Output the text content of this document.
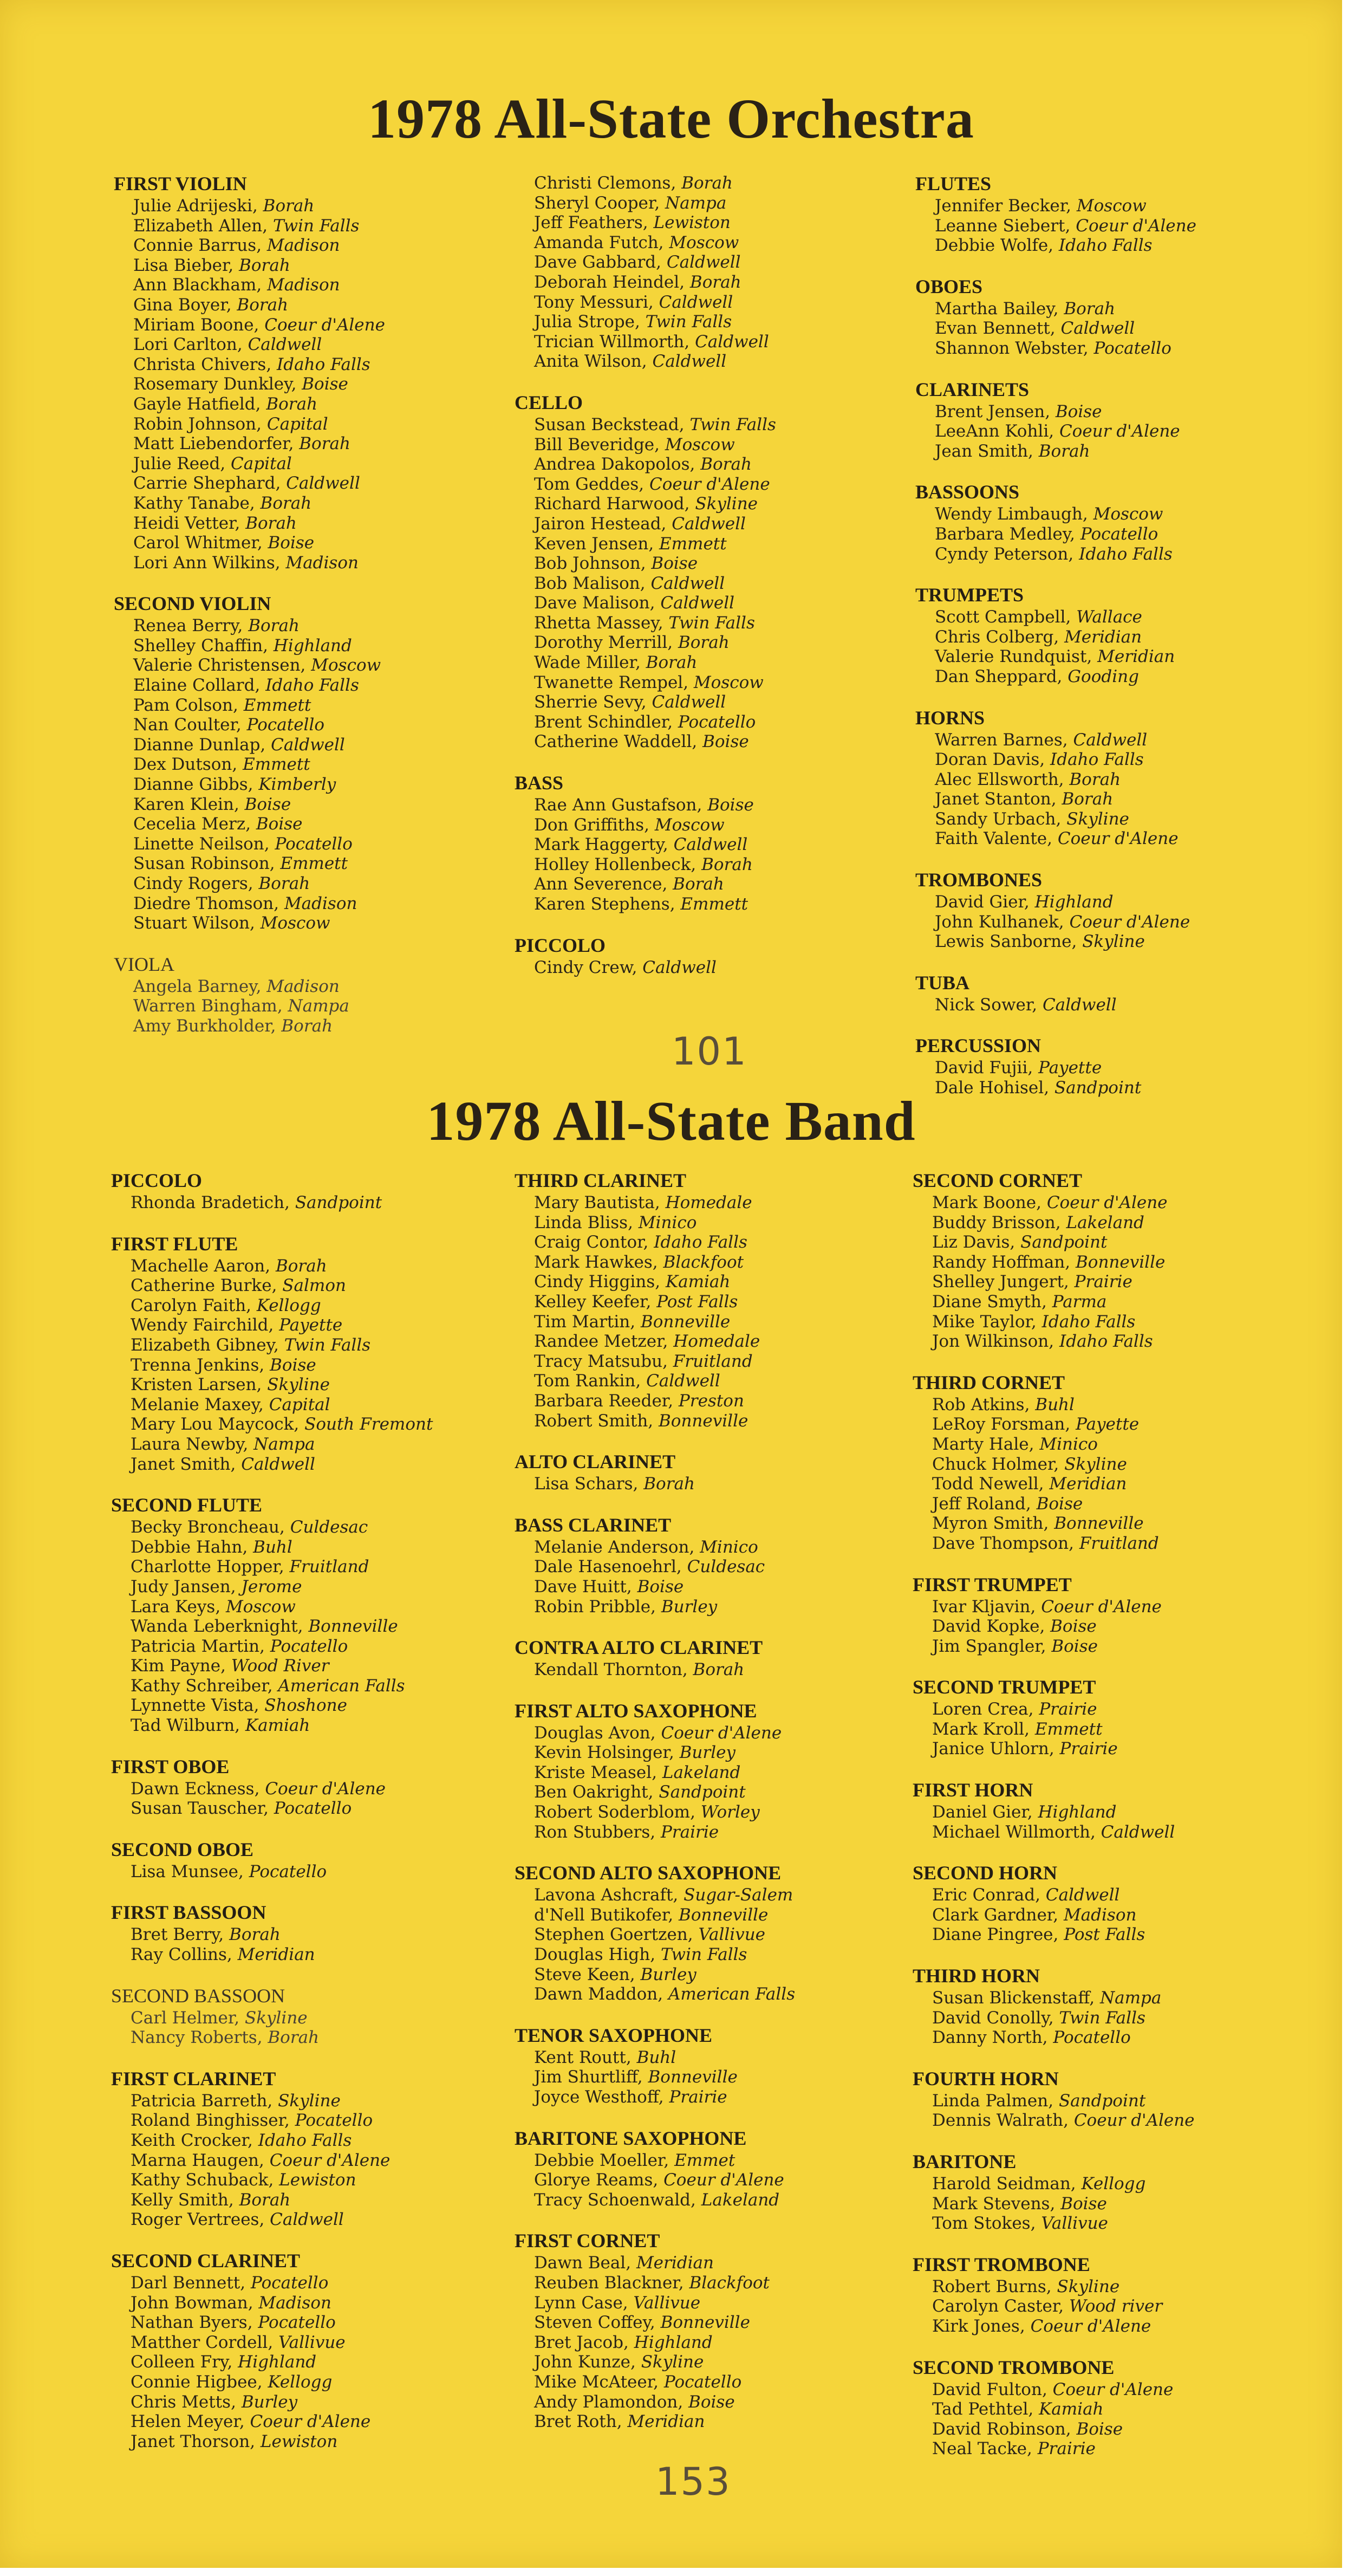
1978 All-State Orchestra
FIRST VIOLIN
Julie Adrijeski, Borah
Elizabeth Allen, Twin Falls
Connie Barrus, Madison
Lisa Bieber, Borah
Ann Blackham, Madison
Gina Boyer, Borah
Miriam Boone, Coeur d'Alene
Lori Carlton, Caldwell
Christa Chivers, Idaho Falls
Rosemary Dunkley, Boise
Gayle Hatfield, Borah
Robin Johnson, Capital
Matt Liebendorfer, Borah
Julie Reed, Capital
Carrie Shephard, Caldwell
Kathy Tanabe, Borah
Heidi Vetter, Borah
Carol Whitmer, Boise
Lori Ann Wilkins, Madison
SECOND VIOLIN
Renea Berry, Borah
Shelley Chaffin, Highland
Valerie Christensen, Moscow
Elaine Collard, Idaho Falls
Pam Colson, Emmett
Nan Coulter, Pocatello
Dianne Dunlap, Caldwell
Dex Dutson, Emmett
Dianne Gibbs, Kimberly
Karen Klein, Boise
Cecelia Merz, Boise
Linette Neilson, Pocatello
Susan Robinson, Emmett
Cindy Rogers, Borah
Diedre Thomson, Madison
Stuart Wilson, Moscow
VIOLA
Angela Barney, Madison
Warren Bingham, Nampa
Amy Burkholder, Borah
Christi Clemons, Borah
Sheryl Cooper, Nampa
Jeff Feathers, Lewiston
Amanda Futch, Moscow
Dave Gabbard, Caldwell
Deborah Heindel, Borah
Tony Messuri, Caldwell
Julia Strope, Twin Falls
Trician Willmorth, Caldwell
Anita Wilson, Caldwell
CELLO
Susan Beckstead, Twin Falls
Bill Beveridge, Moscow
Andrea Dakopolos, Borah
Tom Geddes, Coeur d'Alene
Richard Harwood, Skyline
Jairon Hestead, Caldwell
Keven Jensen, Emmett
Bob Johnson, Boise
Bob Malison, Caldwell
Dave Malison, Caldwell
Rhetta Massey, Twin Falls
Dorothy Merrill, Borah
Wade Miller, Borah
Twanette Rempel, Moscow
Sherrie Sevy, Caldwell
Brent Schindler, Pocatello
Catherine Waddell, Boise
BASS
Rae Ann Gustafson, Boise
Don Griffiths, Moscow
Mark Haggerty, Caldwell
Holley Hollenbeck, Borah
Ann Severence, Borah
Karen Stephens, Emmett
PICCOLO
Cindy Crew, Caldwell
FLUTES
Jennifer Becker, Moscow
Leanne Siebert, Coeur d'Alene
Debbie Wolfe, Idaho Falls
OBOES
Martha Bailey, Borah
Evan Bennett, Caldwell
Shannon Webster, Pocatello
CLARINETS
Brent Jensen, Boise
LeeAnn Kohli, Coeur d'Alene
Jean Smith, Borah
BASSOONS
Wendy Limbaugh, Moscow
Barbara Medley, Pocatello
Cyndy Peterson, Idaho Falls
TRUMPETS
Scott Campbell, Wallace
Chris Colberg, Meridian
Valerie Rundquist, Meridian
Dan Sheppard, Gooding
HORNS
Warren Barnes, Caldwell
Doran Davis, Idaho Falls
Alec Ellsworth, Borah
Janet Stanton, Borah
Sandy Urbach, Skyline
Faith Valente, Coeur d'Alene
TROMBONES
David Gier, Highland
John Kulhanek, Coeur d'Alene
Lewis Sanborne, Skyline
TUBA
Nick Sower, Caldwell
PERCUSSION
David Fujii, Payette
Dale Hohisel, Sandpoint
101
1978 All-State Band
PICCOLO
Rhonda Bradetich, Sandpoint
FIRST FLUTE
Machelle Aaron, Borah
Catherine Burke, Salmon
Carolyn Faith, Kellogg
Wendy Fairchild, Payette
Elizabeth Gibney, Twin Falls
Trenna Jenkins, Boise
Kristen Larsen, Skyline
Melanie Maxey, Capital
Mary Lou Maycock, South Fremont
Laura Newby, Nampa
Janet Smith, Caldwell
SECOND FLUTE
Becky Broncheau, Culdesac
Debbie Hahn, Buhl
Charlotte Hopper, Fruitland
Judy Jansen, Jerome
Lara Keys, Moscow
Wanda Leberknight, Bonneville
Patricia Martin, Pocatello
Kim Payne, Wood River
Kathy Schreiber, American Falls
Lynnette Vista, Shoshone
Tad Wilburn, Kamiah
FIRST OBOE
Dawn Eckness, Coeur d'Alene
Susan Tauscher, Pocatello
SECOND OBOE
Lisa Munsee, Pocatello
FIRST BASSOON
Bret Berry, Borah
Ray Collins, Meridian
SECOND BASSOON
Carl Helmer, Skyline
Nancy Roberts, Borah
FIRST CLARINET
Patricia Barreth, Skyline
Roland Binghisser, Pocatello
Keith Crocker, Idaho Falls
Marna Haugen, Coeur d'Alene
Kathy Schuback, Lewiston
Kelly Smith, Borah
Roger Vertrees, Caldwell
SECOND CLARINET
Darl Bennett, Pocatello
John Bowman, Madison
Nathan Byers, Pocatello
Matther Cordell, Vallivue
Colleen Fry, Highland
Connie Higbee, Kellogg
Chris Metts, Burley
Helen Meyer, Coeur d'Alene
Janet Thorson, Lewiston
THIRD CLARINET
Mary Bautista, Homedale
Linda Bliss, Minico
Craig Contor, Idaho Falls
Mark Hawkes, Blackfoot
Cindy Higgins, Kamiah
Kelley Keefer, Post Falls
Tim Martin, Bonneville
Randee Metzer, Homedale
Tracy Matsubu, Fruitland
Tom Rankin, Caldwell
Barbara Reeder, Preston
Robert Smith, Bonneville
ALTO CLARINET
Lisa Schars, Borah
BASS CLARINET
Melanie Anderson, Minico
Dale Hasenoehrl, Culdesac
Dave Huitt, Boise
Robin Pribble, Burley
CONTRA ALTO CLARINET
Kendall Thornton, Borah
FIRST ALTO SAXOPHONE
Douglas Avon, Coeur d'Alene
Kevin Holsinger, Burley
Kriste Measel, Lakeland
Ben Oakright, Sandpoint
Robert Soderblom, Worley
Ron Stubbers, Prairie
SECOND ALTO SAXOPHONE
Lavona Ashcraft, Sugar-Salem
d'Nell Butikofer, Bonneville
Stephen Goertzen, Vallivue
Douglas High, Twin Falls
Steve Keen, Burley
Dawn Maddon, American Falls
TENOR SAXOPHONE
Kent Routt, Buhl
Jim Shurtliff, Bonneville
Joyce Westhoff, Prairie
BARITONE SAXOPHONE
Debbie Moeller, Emmet
Glorye Reams, Coeur d'Alene
Tracy Schoenwald, Lakeland
FIRST CORNET
Dawn Beal, Meridian
Reuben Blackner, Blackfoot
Lynn Case, Vallivue
Steven Coffey, Bonneville
Bret Jacob, Highland
John Kunze, Skyline
Mike McAteer, Pocatello
Andy Plamondon, Boise
Bret Roth, Meridian
SECOND CORNET
Mark Boone, Coeur d'Alene
Buddy Brisson, Lakeland
Liz Davis, Sandpoint
Randy Hoffman, Bonneville
Shelley Jungert, Prairie
Diane Smyth, Parma
Mike Taylor, Idaho Falls
Jon Wilkinson, Idaho Falls
THIRD CORNET
Rob Atkins, Buhl
LeRoy Forsman, Payette
Marty Hale, Minico
Chuck Holmer, Skyline
Todd Newell, Meridian
Jeff Roland, Boise
Myron Smith, Bonneville
Dave Thompson, Fruitland
FIRST TRUMPET
Ivar Kljavin, Coeur d'Alene
David Kopke, Boise
Jim Spangler, Boise
SECOND TRUMPET
Loren Crea, Prairie
Mark Kroll, Emmett
Janice Uhlorn, Prairie
FIRST HORN
Daniel Gier, Highland
Michael Willmorth, Caldwell
SECOND HORN
Eric Conrad, Caldwell
Clark Gardner, Madison
Diane Pingree, Post Falls
THIRD HORN
Susan Blickenstaff, Nampa
David Conolly, Twin Falls
Danny North, Pocatello
FOURTH HORN
Linda Palmen, Sandpoint
Dennis Walrath, Coeur d'Alene
BARITONE
Harold Seidman, Kellogg
Mark Stevens, Boise
Tom Stokes, Vallivue
FIRST TROMBONE
Robert Burns, Skyline
Carolyn Caster, Wood river
Kirk Jones, Coeur d'Alene
SECOND TROMBONE
David Fulton, Coeur d'Alene
Tad Pethtel, Kamiah
David Robinson, Boise
Neal Tacke, Prairie
153
